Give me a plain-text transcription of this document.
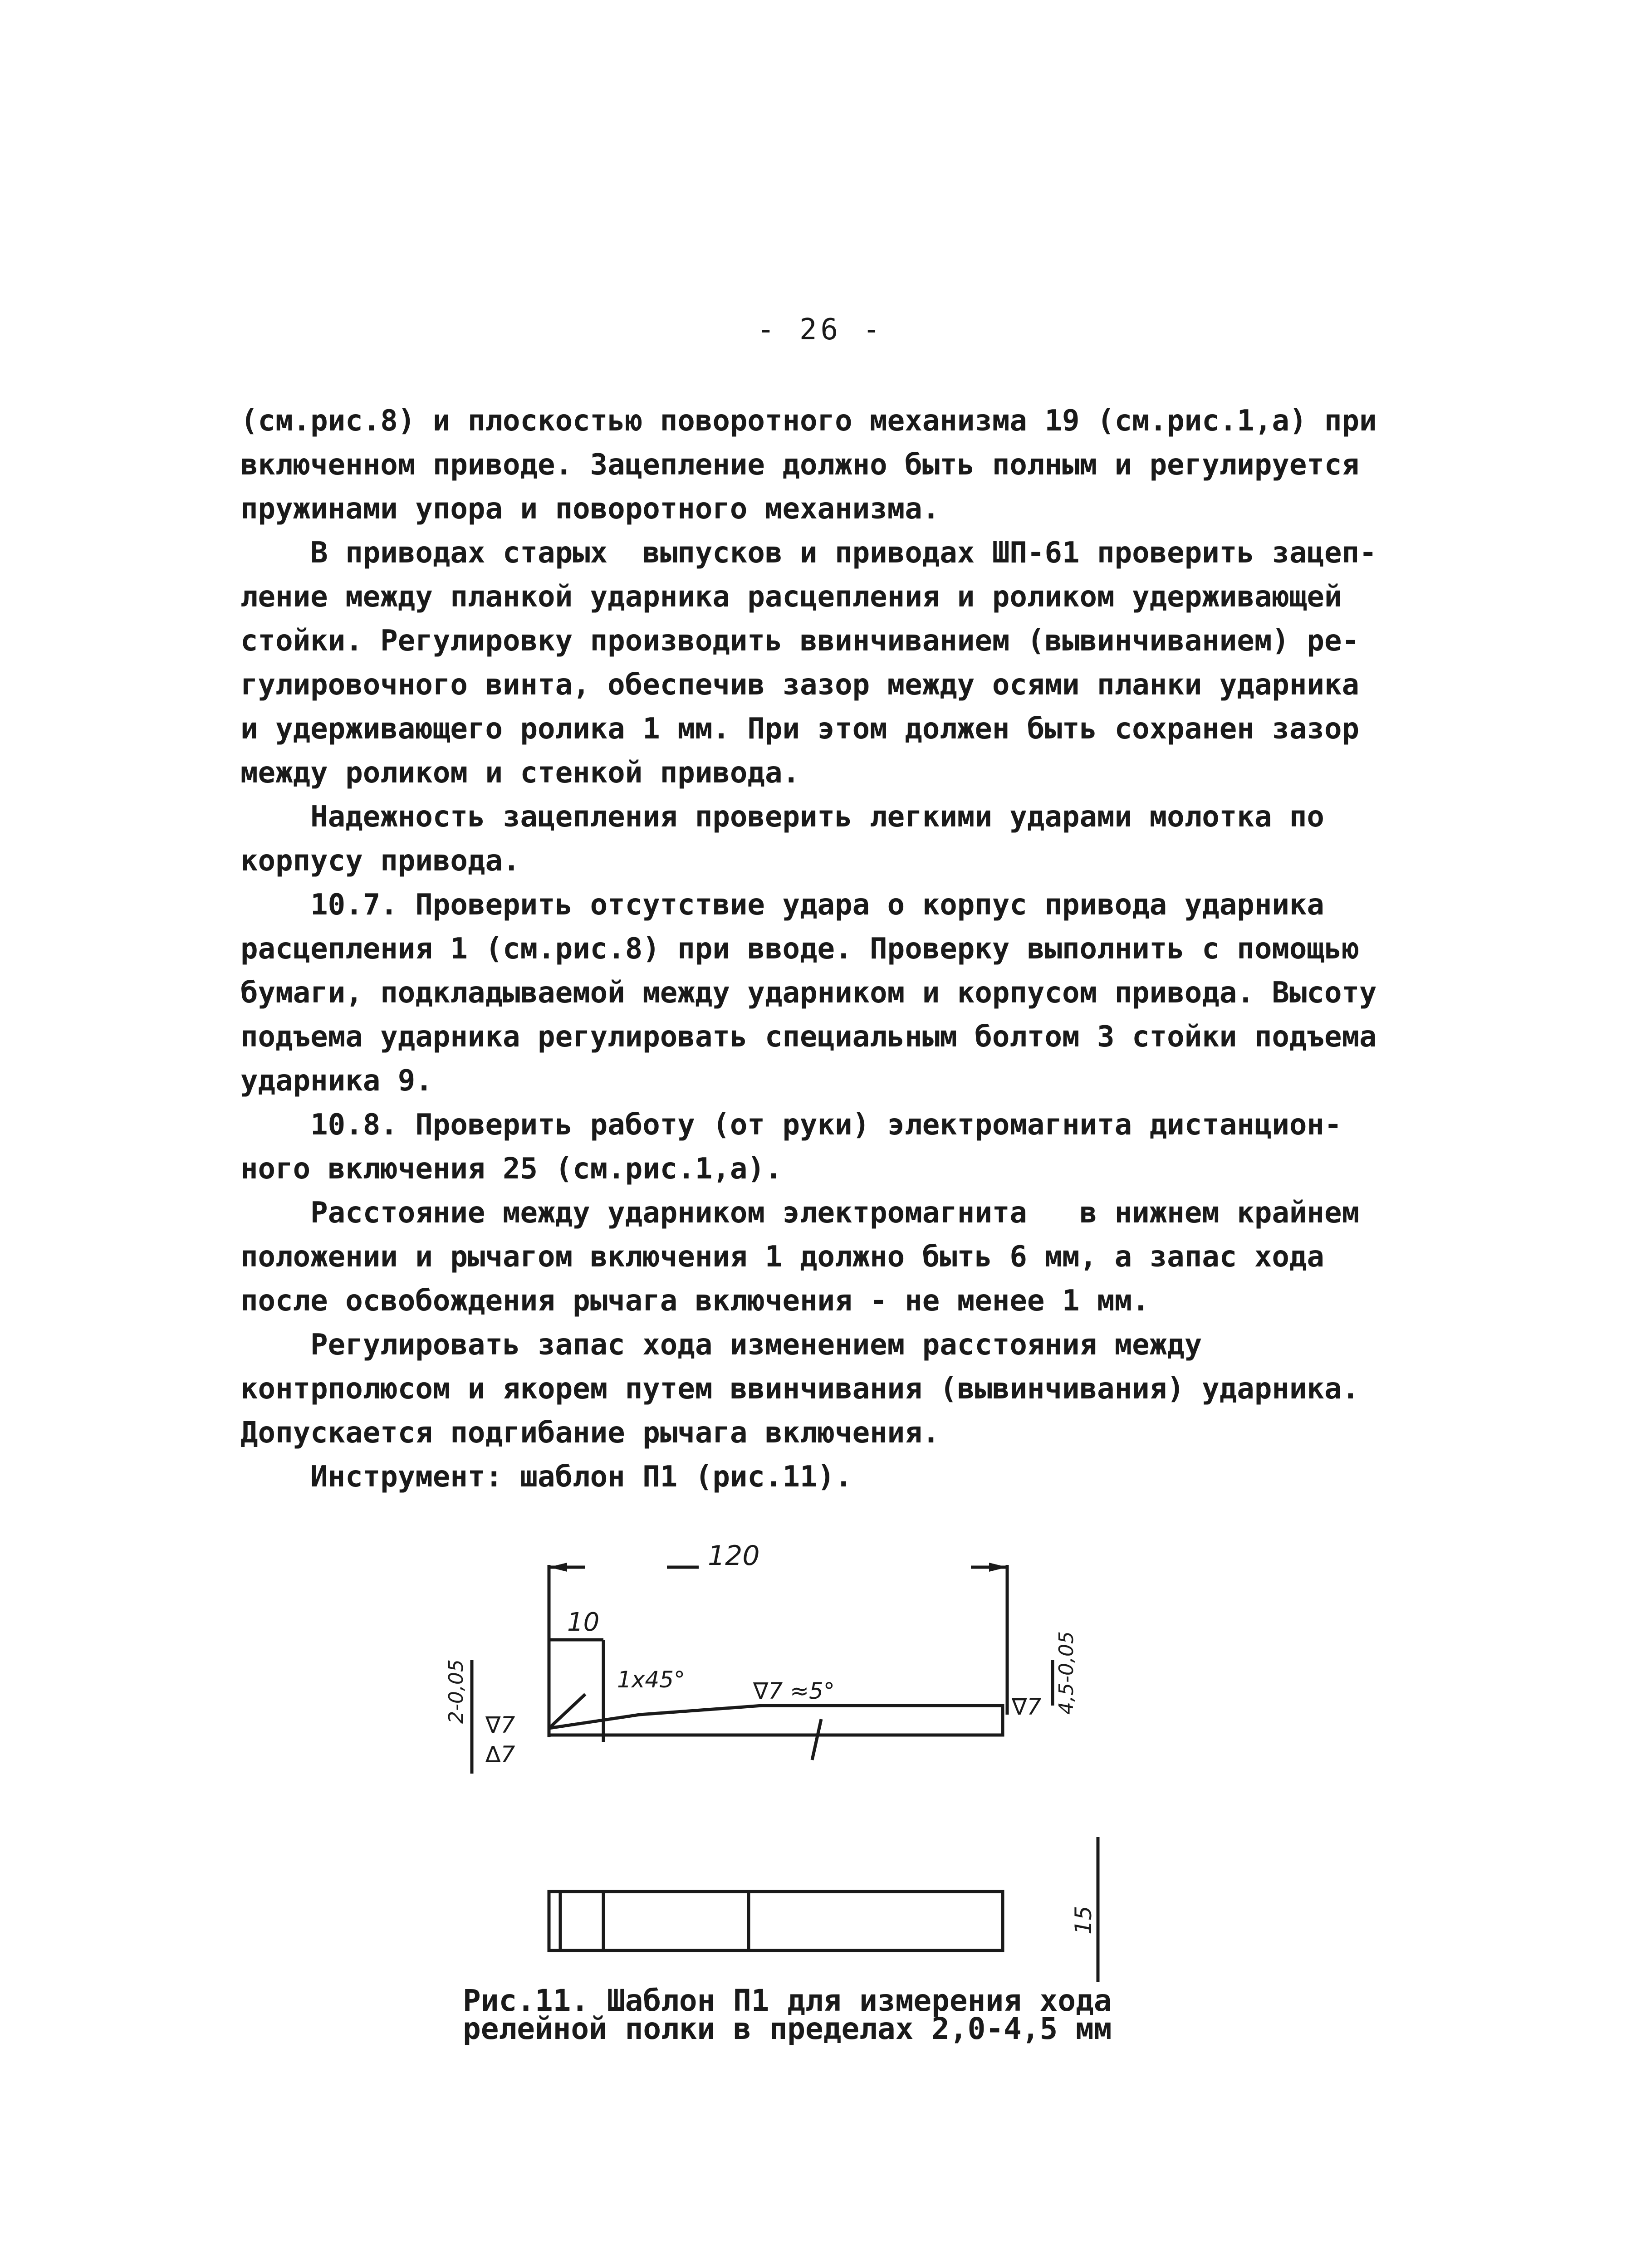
- 26 -
(см.рис.8) и плоскостью поворотного механизма 19 (см.рис.1,a) при
включенном приводе. Зацепление должно быть полным и регулируется
пружинами упора и поворотного механизма.
В приводах старых  выпусков и приводах ШП-61 проверить зацеп-
ление между планкой ударника расцепления и роликом удерживающей
стойки. Регулировку производить ввинчиванием (вывинчиванием) ре-
гулировочного винта, обеспечив зазор между осями планки ударника
и удерживающего ролика 1 мм. При этом должен быть сохранен зазор
между роликом и стенкой привода.
Надежность зацепления проверить легкими ударами молотка по
корпусу привода.
10.7. Проверить отсутствие удара о корпус привода ударника
расцепления 1 (см.рис.8) при вводе. Проверку выполнить с помощью
бумаги, подкладываемой между ударником и корпусом привода. Высоту
подъема ударника регулировать специальным болтом 3 стойки подъема
ударника 9.
10.8. Проверить работу (от руки) электромагнита дистанцион-
ного включения 25 (см.рис.1,a).
Расстояние между ударником электромагнита   в нижнем крайнем
положении и рычагом включения 1 должно быть 6 мм, а запас хода
после освобождения рычага включения - не менее 1 мм.
Регулировать запас хода изменением расстояния между
контрполюсом и якорем путем ввинчивания (вывинчивания) ударника.
Допускается подгибание рычага включения.
Инструмент: шаблон П1 (рис.11).
120
10
1x45°	∇7 ≈5°
∇7
∆7
∇7
2-0,05	4,5-0,05
15
Рис.11. Шаблон П1 для измерения хода
релейной полки в пределах 2,0-4,5 мм
